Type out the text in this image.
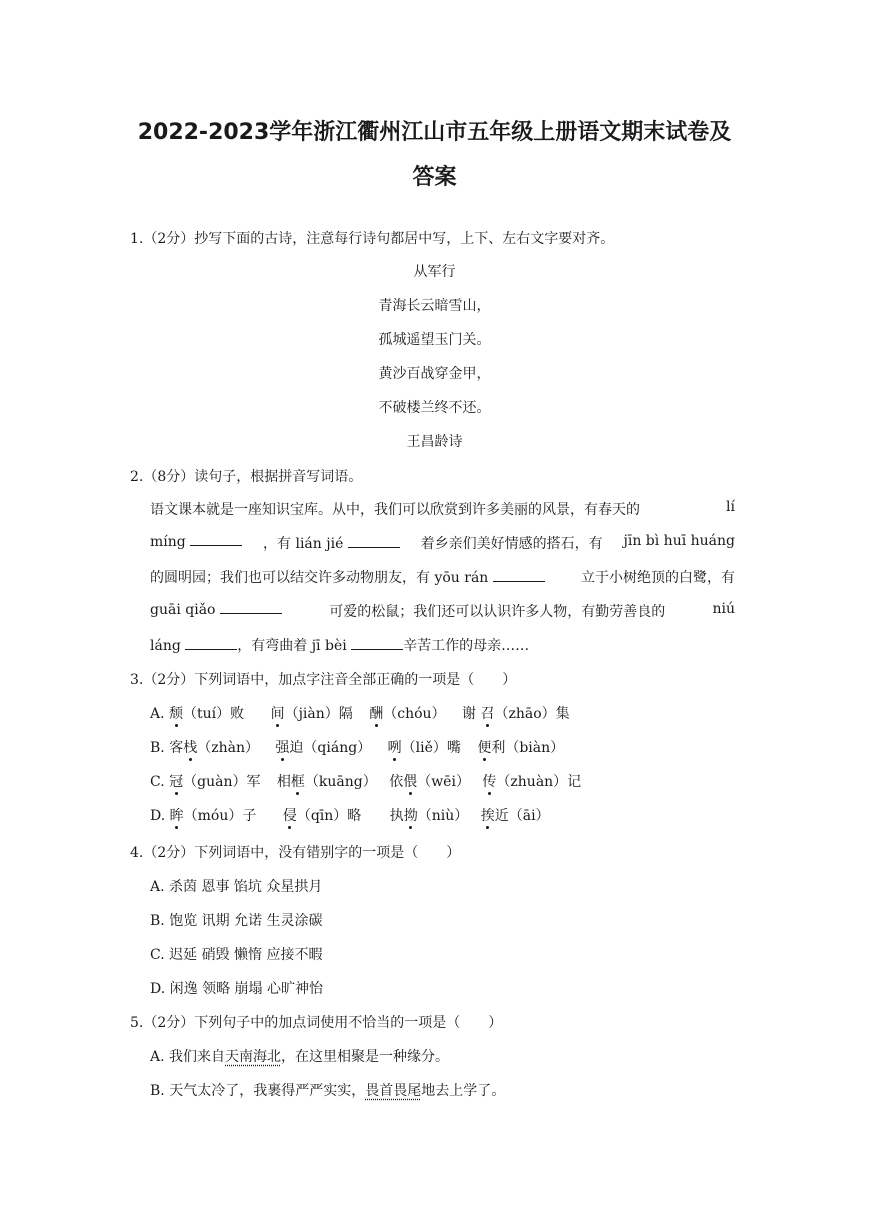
2022-2023学年浙江衢州江山市五年级上册语文期末试卷及
答案
1.（2分）抄写下面的古诗，注意每行诗句都居中写，上下、左右文字要对齐。
从军行
青海长云暗雪山，
孤城遥望玉门关。
黄沙百战穿金甲，
不破楼兰终不还。
王昌龄诗
2.（8分）读句子，根据拼音写词语。
语文课本就是一座知识宝库。从中，我们可以欣赏到许多美丽的风景，有春天的	lí
míng	，有 lián jié	着乡亲们美好情感的搭石，有 jīn bì huī huáng
的圆明园；我们也可以结交许多动物朋友，有 yōu rán	立于小树绝顶的白鹭，有
guāi qiǎo	可爱的松鼠；我们还可以认识许多人物，有勤劳善良的	niú
láng	，有弯曲着 jī bèi	辛苦工作的母亲……
3.（2分）下列词语中，加点字注音全部正确的一项是（　　）
A. 颓（tuí）败 间（jiàn）隔 酬（chóu） 谢 召（zhāo）集
B. 客栈（zhàn） 强迫（qiáng） 咧（liě）嘴 便利（biàn）
C. 冠（guàn）军 相框（kuāng） 依偎（wēi） 传（zhuàn）记
D. 眸（móu）子 侵（qīn）略 执拗（niù） 挨近（āi）
4.（2分）下列词语中，没有错别字的一项是（　　）
A. 杀茵 恩事 馅坑 众星拱月
B. 饱览 讯期 允诺 生灵涂碳
C. 迟延 硝毁 懒惰 应接不暇
D. 闲逸 领略 崩塌 心旷神怡
5.（2分）下列句子中的加点词使用不恰当的一项是（　　）
A. 我们来自天南海北，在这里相聚是一种缘分。
B. 天气太冷了，我裹得严严实实，畏首畏尾地去上学了。
